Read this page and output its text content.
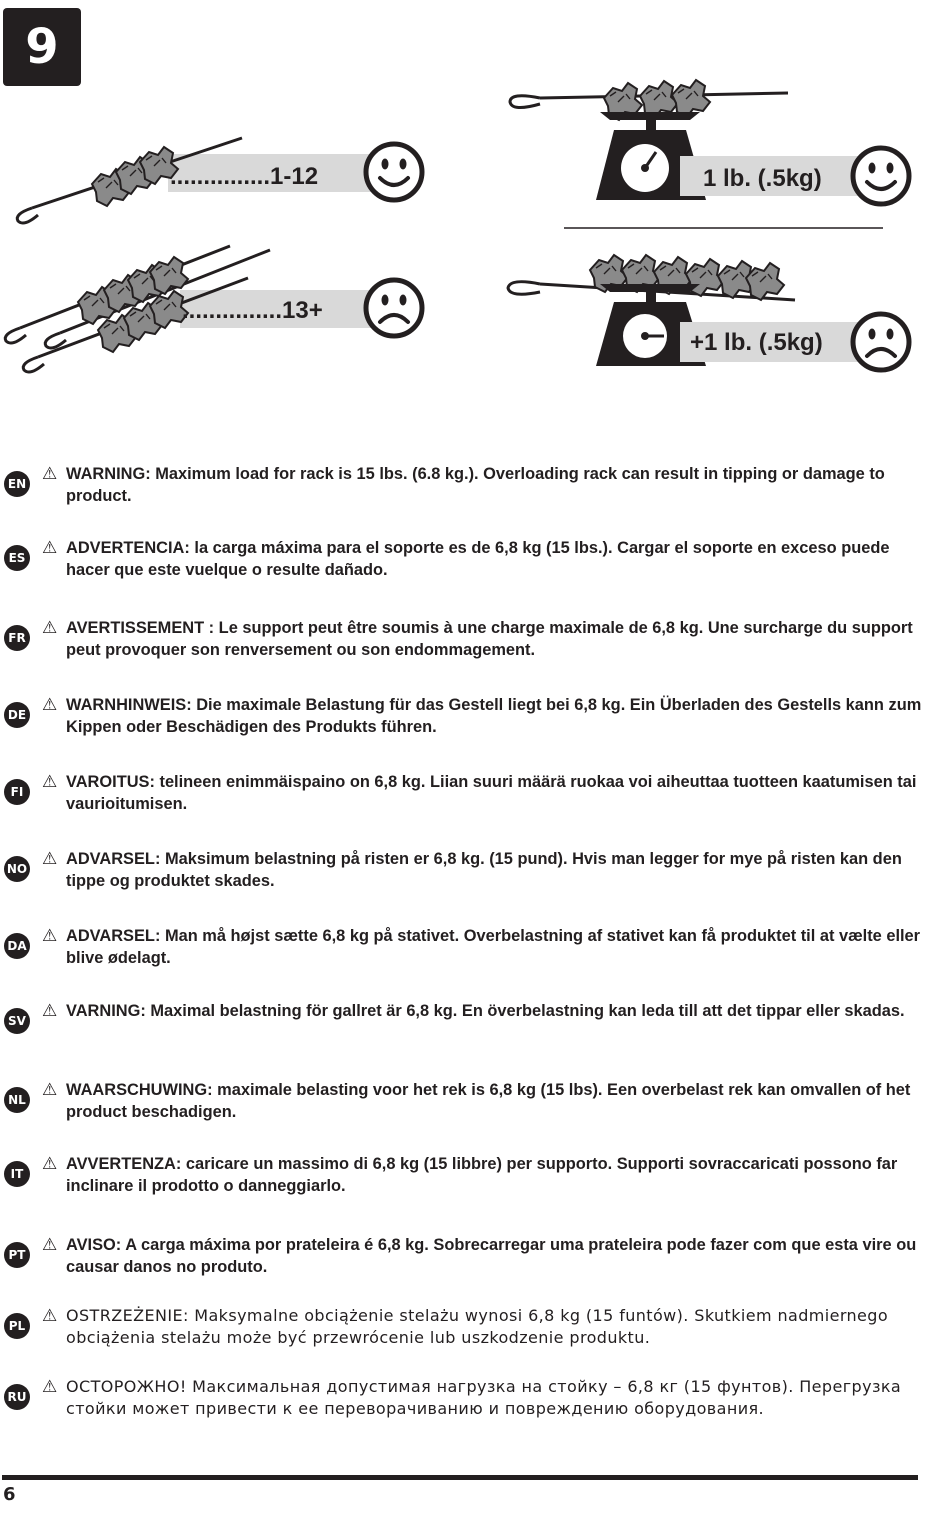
9
...............1-12
...............13+
1 lb. (.5kg)
+1 lb. (.5kg)
EN ⚠ WARNING: Maximum load for rack is 15 lbs. (6.8 kg.). Overloading rack can result in tipping or damage to product.
ES ⚠ ADVERTENCIA: la carga máxima para el soporte es de 6,8 kg (15 lbs.). Cargar el soporte en exceso puede hacer que este vuelque o resulte dañado.
FR ⚠ AVERTISSEMENT : Le support peut être soumis à une charge maximale de 6,8 kg. Une surcharge du support peut provoquer son renversement ou son endommagement.
DE ⚠ WARNHINWEIS: Die maximale Belastung für das Gestell liegt bei 6,8 kg. Ein Überladen des Gestells kann zum Kippen oder Beschädigen des Produkts führen.
FI	⚠ VAROITUS: telineen enimmäispaino on 6,8 kg. Liian suuri määrä ruokaa voi aiheuttaa tuotteen kaatumisen tai vaurioitumisen.
NO ⚠ ADVARSEL: Maksimum belastning på risten er 6,8 kg. (15 pund). Hvis man legger for mye på risten kan den tippe og produktet skades.
DA ⚠ ADVARSEL: Man må højst sætte 6,8 kg på stativet. Overbelastning af stativet kan få produktet til at vælte eller blive ødelagt.
SV ⚠ VARNING: Maximal belastning för gallret är 6,8 kg. En överbelastning kan leda till att det tippar eller skadas.
NL ⚠ WAARSCHUWING: maximale belasting voor het rek is 6,8 kg (15 lbs). Een overbelast rek kan omvallen of het product beschadigen.
IT	⚠ AVVERTENZA: caricare un massimo di 6,8 kg (15 libbre) per supporto. Supporti sovraccaricati possono far inclinare il prodotto o danneggiarlo.
PT ⚠ AVISO: A carga máxima por prateleira é 6,8 kg. Sobrecarregar uma prateleira pode fazer com que esta vire ou causar danos no produto.
PL ⚠ OSTRZEŻENIE: Maksymalne obciążenie stelażu wynosi 6,8 kg (15 funtów). Skutkiem nadmiernego obciążenia stelażu może być przewrócenie lub uszkodzenie produktu.
RU ⚠ ОСТОРОЖНО! Максимальная допустимая нагрузка на стойку – 6,8 кг (15 фунтов). Перегрузка стойки может привести к ее переворачиванию и повреждению оборудования.
6
